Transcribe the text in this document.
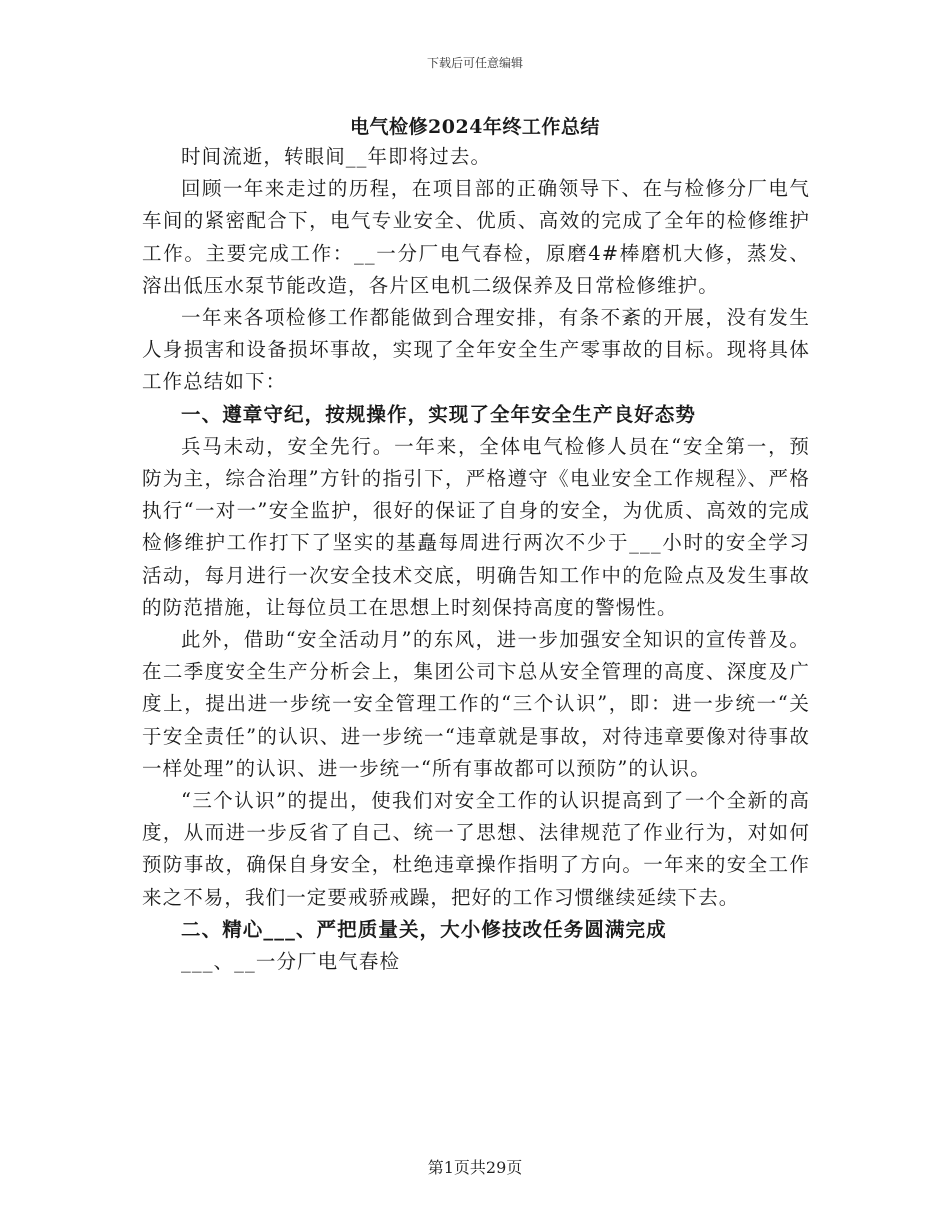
下载后可任意编辑
电气检修2024年终工作总结

时间流逝，转眼间__年即将过去。

回顾一年来走过的历程，在项目部的正确领导下、在与检修分厂电气车间的紧密配合下，电气专业安全、优质、高效的完成了全年的检修维护工作。主要完成工作：__一分厂电气春检，原磨4#棒磨机大修，蒸发、溶出低压水泵节能改造，各片区电机二级保养及日常检修维护。

一年来各项检修工作都能做到合理安排，有条不紊的开展，没有发生人身损害和设备损坏事故，实现了全年安全生产零事故的目标。现将具体工作总结如下：

一、遵章守纪，按规操作，实现了全年安全生产良好态势

兵马未动，安全先行。一年来，全体电气检修人员在“安全第一，预防为主，综合治理”方针的指引下，严格遵守《电业安全工作规程》、严格执行“一对一”安全监护，很好的保证了自身的安全，为优质、高效的完成检修维护工作打下了坚实的基矗每周进行两次不少于___小时的安全学习活动，每月进行一次安全技术交底，明确告知工作中的危险点及发生事故的防范措施，让每位员工在思想上时刻保持高度的警惕性。

此外，借助“安全活动月”的东风，进一步加强安全知识的宣传普及。在二季度安全生产分析会上，集团公司卞总从安全管理的高度、深度及广度上，提出进一步统一安全管理工作的“三个认识”，即：进一步统一“关于安全责任”的认识、进一步统一“违章就是事故，对待违章要像对待事故一样处理”的认识、进一步统一“所有事故都可以预防”的认识。

“三个认识”的提出，使我们对安全工作的认识提高到了一个全新的高度，从而进一步反省了自己、统一了思想、法律规范了作业行为，对如何预防事故，确保自身安全，杜绝违章操作指明了方向。一年来的安全工作来之不易，我们一定要戒骄戒躁，把好的工作习惯继续延续下去。

二、精心___、严把质量关，大小修技改任务圆满完成

___、__一分厂电气春检

第1页共29页
